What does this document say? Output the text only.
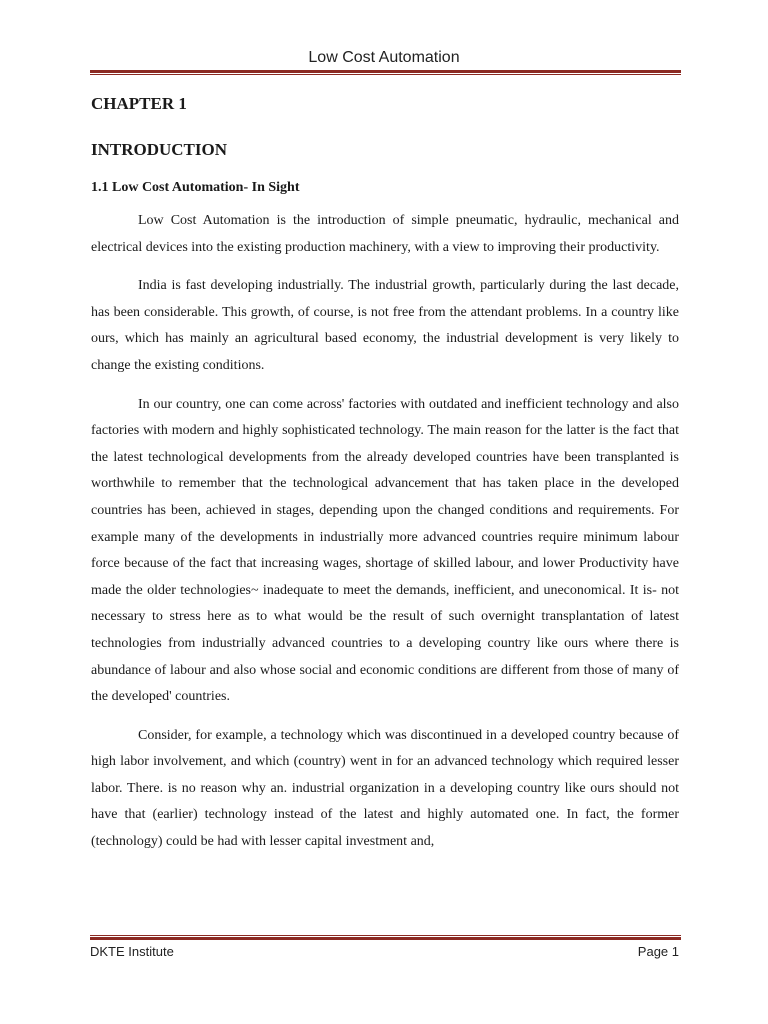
Low Cost Automation
CHAPTER 1
INTRODUCTION
1.1 Low Cost Automation- In Sight

Low Cost Automation is the introduction of simple pneumatic, hydraulic, mechanical and electrical devices into the existing production machinery, with a view to improving their productivity.

India is fast developing industrially. The industrial growth, particularly during the last decade, has been considerable. This growth, of course, is not free from the attendant problems. In a country like ours, which has mainly an agricultural based economy, the industrial development is very likely to change the existing conditions.

In our country, one can come across' factories with outdated and inefficient technology and also factories with modern and highly sophisticated technology. The main reason for the latter is the fact that the latest technological developments from the already developed countries have been transplanted is worthwhile to remember that the technological advancement that has taken place in the developed countries has been, achieved in stages, depending upon the changed conditions and requirements. For example many of the developments in industrially more advanced countries require minimum labour force because of the fact that increasing wages, shortage of skilled labour, and lower Productivity have made the older technologies~ inadequate to meet the demands, inefficient, and uneconomical. It is- not necessary to stress here as to what would be the result of such overnight transplantation of latest technologies from industrially advanced countries to a developing country like ours where there is abundance of labour and also whose social and economic conditions are different from those of many of the developed' countries.

Consider, for example, a technology which was discontinued in a developed country because of high labor involvement, and which (country) went in for an advanced technology which required lesser labor. There. is no reason why an. industrial organization in a developing country like ours should not have that (earlier) technology instead of the latest and highly automated one. In fact, the former (technology) could be had with lesser capital investment and,

DKTE Institute	Page 1
